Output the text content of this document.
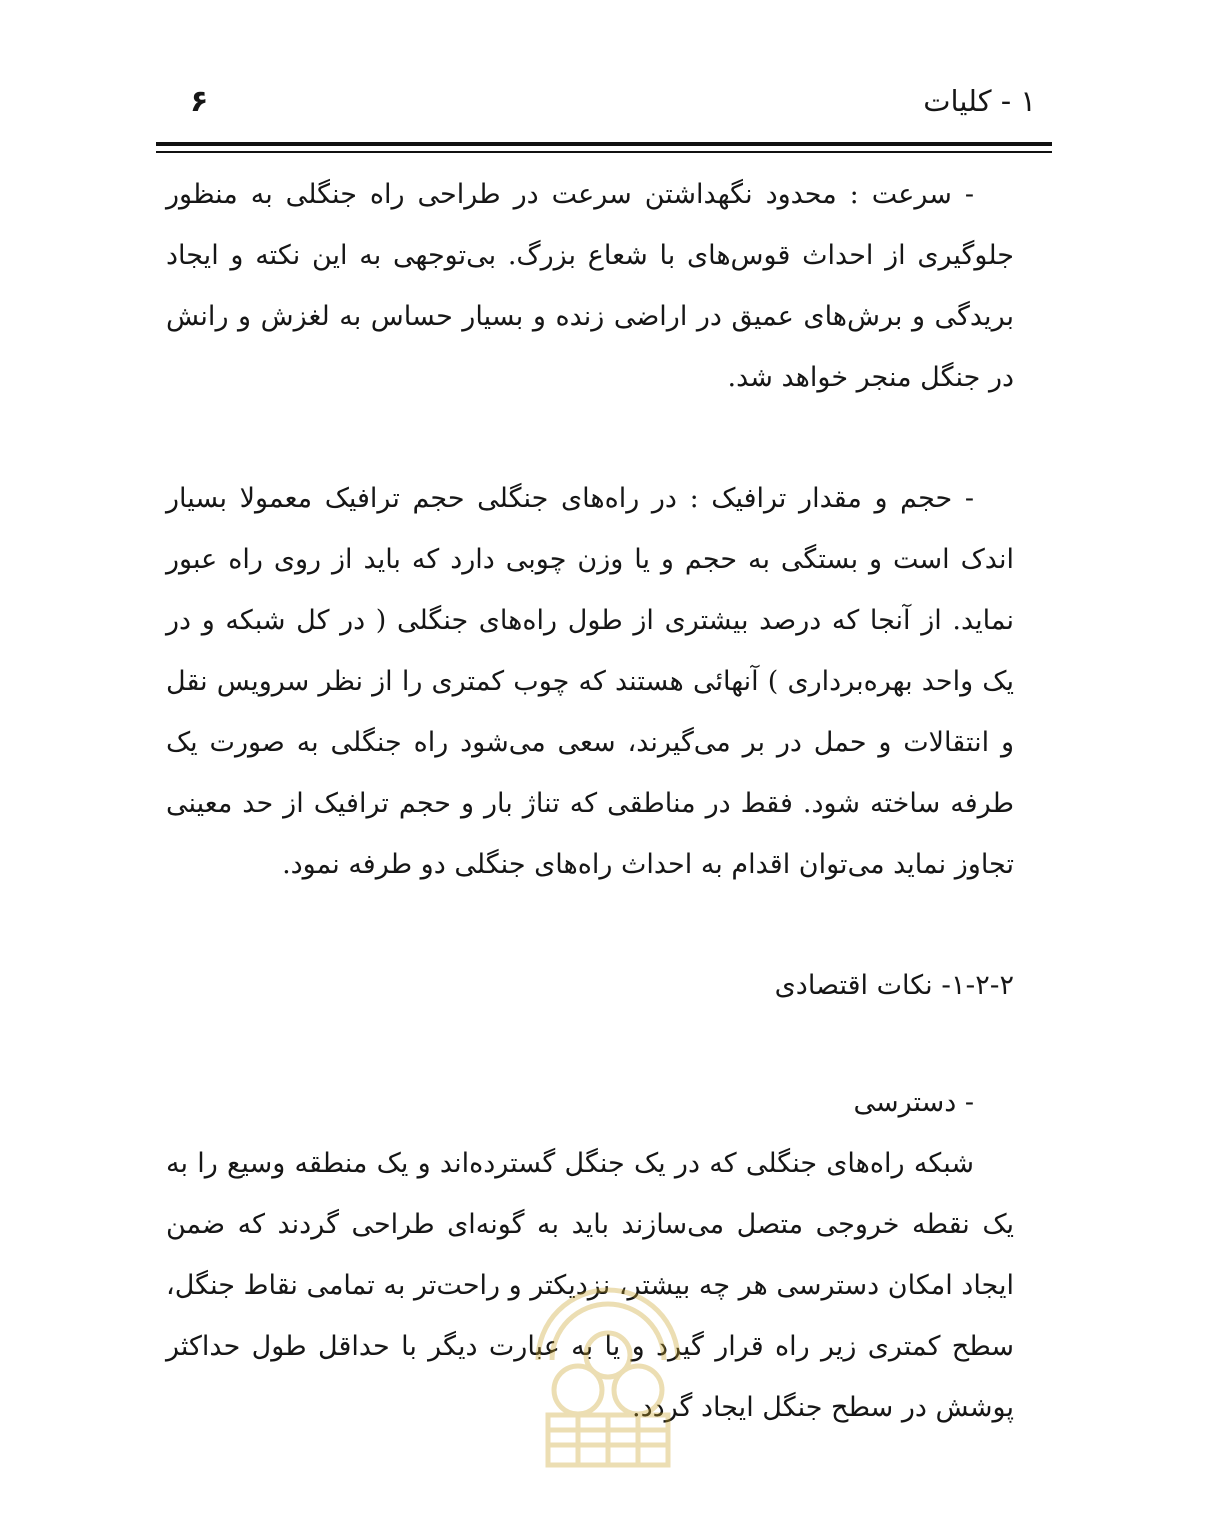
۱ - کلیات
۶

- سرعت : محدود نگهداشتن سرعت در طراحی راه جنگلی به منظور جلوگیری از احداث قوس‌های با شعاع بزرگ. بی‌توجهی به این نکته و ایجاد بریدگی و برش‌های عمیق در اراضی زنده و بسیار حساس به لغزش و رانش در جنگل منجر خواهد شد.

- حجم و مقدار ترافیک : در راه‌های جنگلی حجم ترافیک معمولا بسیار اندک است و بستگی به حجم و یا وزن چوبی دارد که باید از روی راه عبور نماید. از آنجا که درصد بیشتری از طول راه‌های جنگلی ( در کل شبکه و در یک واحد بهره‌برداری ) آنهائی هستند که چوب کمتری را از نظر سرویس نقل و انتقالات و حمل در بر می‌گیرند، سعی می‌شود راه جنگلی به صورت یک طرفه ساخته شود. فقط در مناطقی که تناژ بار و حجم ترافیک از حد معینی تجاوز نماید می‌توان اقدام به احداث راه‌های جنگلی دو طرفه نمود.

۱-۲-۲- نکات اقتصادی

- دسترسی

شبکه راه‌های جنگلی که در یک جنگل گسترده‌اند و یک منطقه وسیع را به یک نقطه خروجی متصل می‌سازند باید به گونه‌ای طراحی گردند که ضمن ایجاد امکان دسترسی هر چه بیشتر، نزدیکتر و راحت‌تر به تمامی نقاط جنگل، سطح کمتری زیر راه قرار گیرد و یا به عبارت دیگر با حداقل طول حداکثر پوشش در سطح جنگل ایجاد گردد.
